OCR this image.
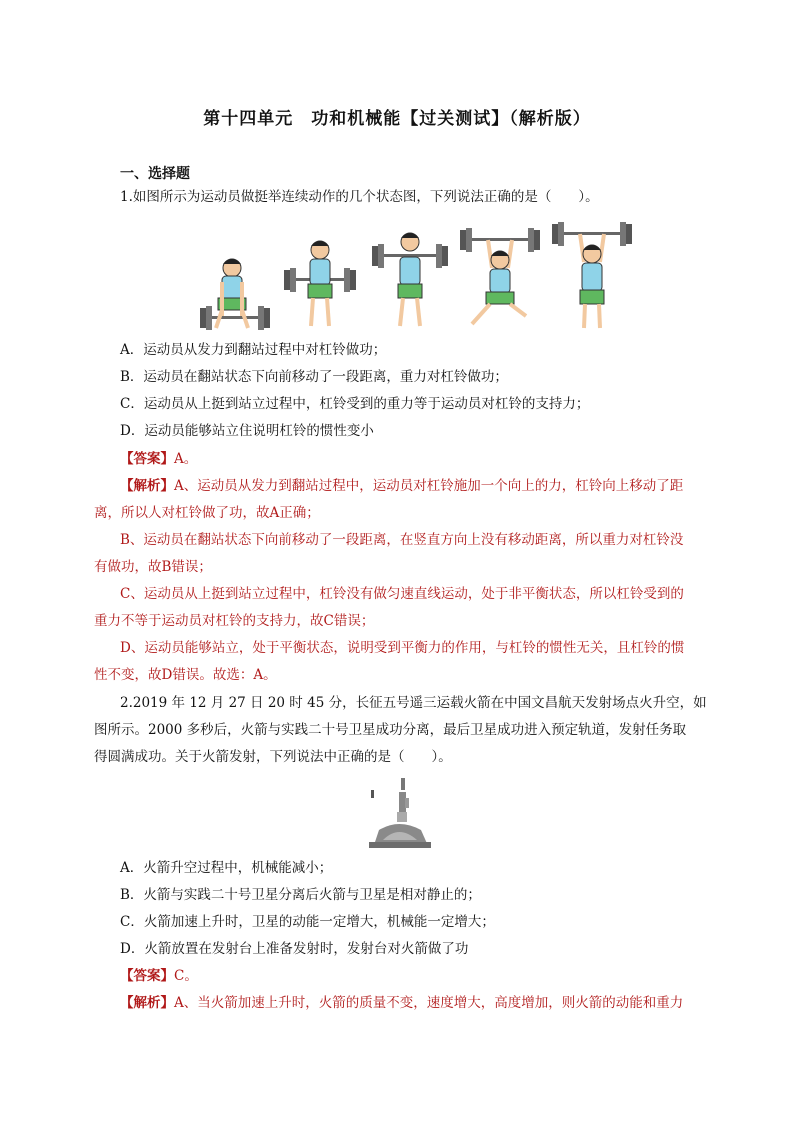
第十四单元　功和机械能【过关测试】（解析版）
一、选择题
1.如图所示为运动员做挺举连续动作的几个状态图，下列说法正确的是（　　）。
A．运动员从发力到翻站过程中对杠铃做功；
B．运动员在翻站状态下向前移动了一段距离，重力对杠铃做功；
C．运动员从上挺到站立过程中，杠铃受到的重力等于运动员对杠铃的支持力；
D．运动员能够站立住说明杠铃的惯性变小
【答案】A。
【解析】A、运动员从发力到翻站过程中，运动员对杠铃施加一个向上的力，杠铃向上移动了距
离，所以人对杠铃做了功，故A正确；
B、运动员在翻站状态下向前移动了一段距离，在竖直方向上没有移动距离，所以重力对杠铃没
有做功，故B错误；
C、运动员从上挺到站立过程中，杠铃没有做匀速直线运动，处于非平衡状态，所以杠铃受到的
重力不等于运动员对杠铃的支持力，故C错误；
D、运动员能够站立，处于平衡状态，说明受到平衡力的作用，与杠铃的惯性无关，且杠铃的惯
性不变，故D错误。故选：A。
2.2019 年 12 月 27 日 20 时 45 分，长征五号遥三运载火箭在中国文昌航天发射场点火升空，如
图所示。2000 多秒后，火箭与实践二十号卫星成功分离，最后卫星成功进入预定轨道，发射任务取
得圆满成功。关于火箭发射，下列说法中正确的是（　　）。
A．火箭升空过程中，机械能减小；
B．火箭与实践二十号卫星分离后火箭与卫星是相对静止的；
C．火箭加速上升时，卫星的动能一定增大，机械能一定增大；
D．火箭放置在发射台上准备发射时，发射台对火箭做了功
【答案】C。
【解析】A、当火箭加速上升时，火箭的质量不变，速度增大，高度增加，则火箭的动能和重力
